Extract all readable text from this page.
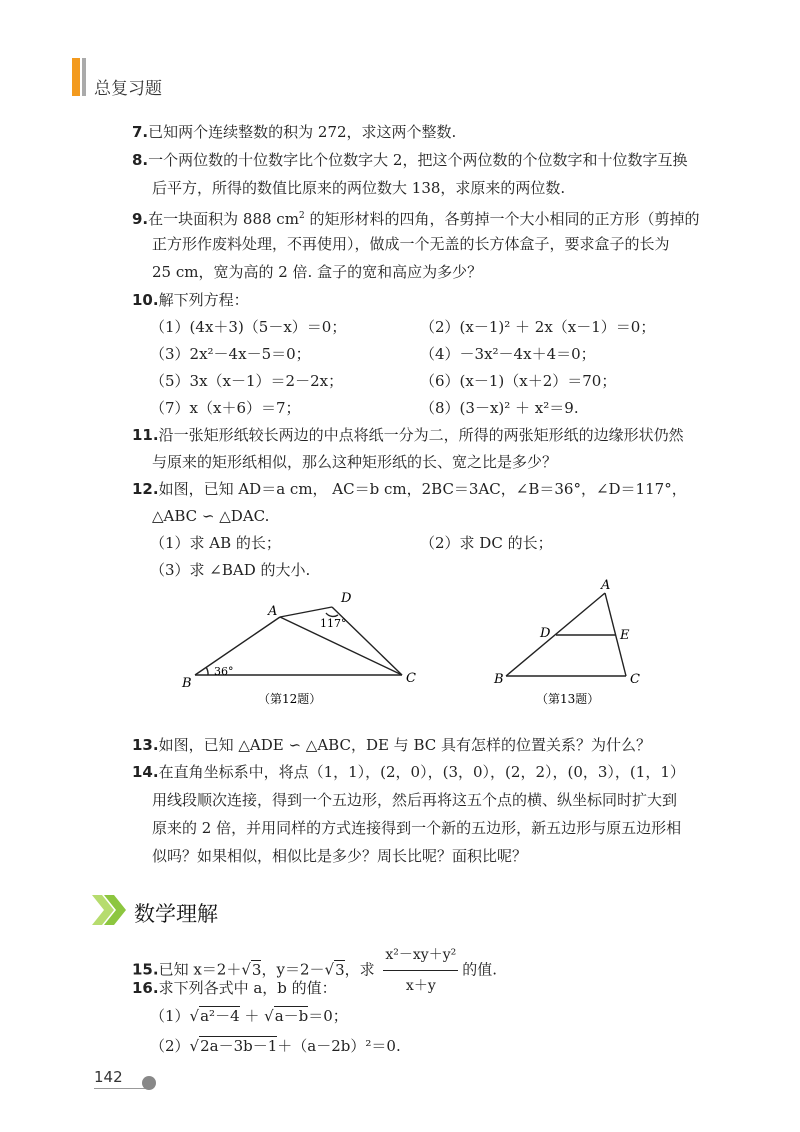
总复习题
7.已知两个连续整数的积为 272，求这两个整数.
8.一个两位数的十位数字比个位数字大 2，把这个两位数的个位数字和十位数字互换
后平方，所得的数值比原来的两位数大 138，求原来的两位数.
9.在一块面积为 888 $cm^2$ 的矩形材料的四角，各剪掉一个大小相同的正方形（剪掉的
正方形作废料处理，不再使用），做成一个无盖的长方体盒子，要求盒子的长为
25 cm，宽为高的 2 倍. 盒子的宽和高应为多少？
10.解下列方程：
（1）(4x＋3)（5－x）＝0；	（2）(x－1)² ＋ 2x（x－1）＝0；
（3）2x²－4x－5＝0；	（4）－3x²－4x＋4＝0；
（5）3x（x－1）＝2－2x；	（6）(x－1)（x＋2）＝70；
（7）x（x＋6）＝7；	（8）(3－x)² ＋ x²＝9.
11.沿一张矩形纸较长两边的中点将纸一分为二，所得的两张矩形纸的边缘形状仍然
与原来的矩形纸相似，那么这种矩形纸的长、宽之比是多少？
12.如图，已知 AD＝a cm， AC＝b cm，2BC＝3AC，∠B＝36°，∠D＝117°，
△ABC ∽ △DAC.
（1）求 AB 的长；	（2）求 DC 的长；
（3）求 ∠BAD 的大小.
A
B	C
D
36°
117°
（第12题）
A
B	C
D	E
（第13题）
13.如图，已知 △ADE ∽ △ABC，DE 与 BC 具有怎样的位置关系？为什么？
14.在直角坐标系中，将点（1，1），(2，0），(3，0），(2，2），(0，3），(1，1）
用线段顺次连接，得到一个五边形，然后再将这五个点的横、纵坐标同时扩大到
原来的 2 倍，并用同样的方式连接得到一个新的五边形，新五边形与原五边形相
似吗？如果相似，相似比是多少？周长比呢？面积比呢？
数学理解
15.已知 x＝2＋√3，y＝2－√3，求 $\frac{\text{x²－xy＋y²}}{x+y}$ 的值.
16.求下列各式中 a，b 的值：
（1）√a²－4 ＋ √a－b＝0；
（2）√2a－3b－1＋（a－2b）²＝0.
142
